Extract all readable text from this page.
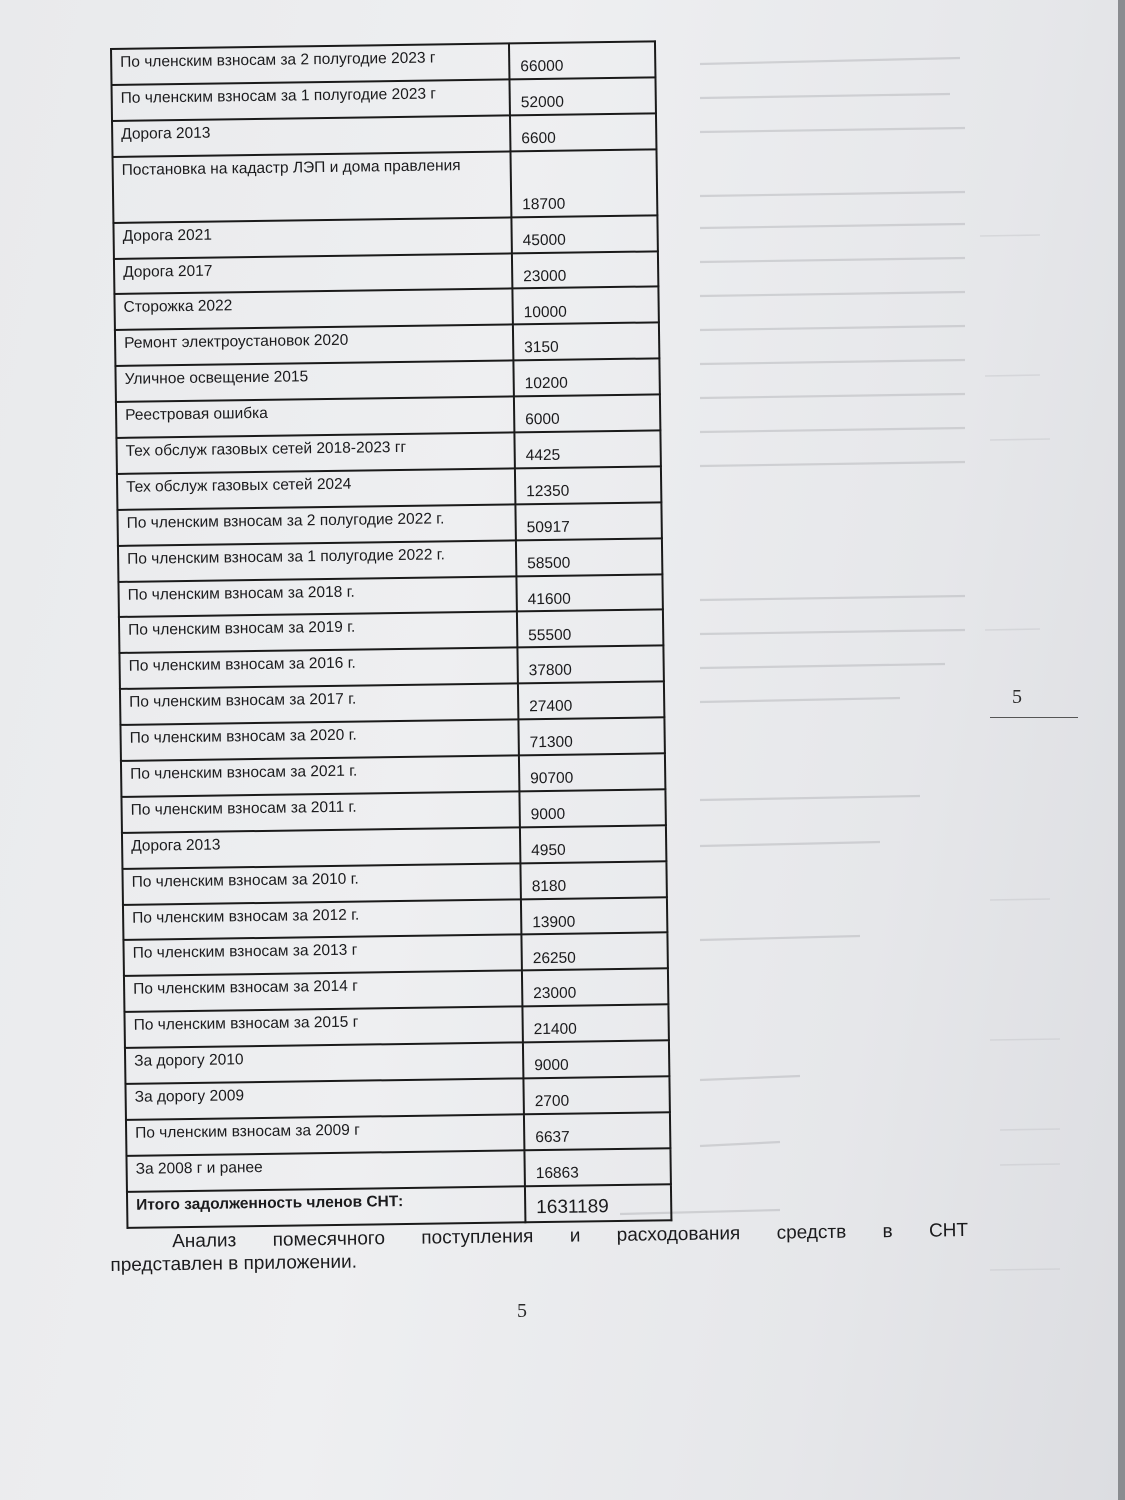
По членским взносам за 2 полугодие 2023 г	66000
По членским взносам за 1 полугодие 2023 г	52000
Дорога 2013	6600
Постановка на кадастр ЛЭП и дома правления	18700
Дорога 2021	45000
Дорога 2017	23000
Сторожка 2022	10000
Ремонт электроустановок 2020	3150
Уличное освещение 2015	10200
Реестровая ошибка	6000
Тех обслуж газовых сетей 2018-2023 гг	4425
Тех обслуж газовых сетей 2024	12350
По членским взносам за 2 полугодие 2022 г.	50917
По членским взносам за 1 полугодие 2022 г.	58500
По членским взносам за 2018 г.	41600
По членским взносам за 2019 г.	55500
По членским взносам за 2016 г.	37800
По членским взносам за 2017 г.	27400
По членским взносам за 2020 г.	71300
По членским взносам за 2021 г.	90700
По членским взносам за 2011 г.	9000
Дорога 2013	4950
По членским взносам за 2010 г.	8180
По членским взносам за 2012 г.	13900
По членским взносам за 2013 г	26250
По членским взносам за 2014 г	23000
По членским взносам за 2015 г	21400
За дорогу 2010	9000
За дорогу 2009	2700
По членским взносам за 2009 г	6637
За 2008 г и ранее	16863
Итого задолженность членов СНТ:	1631189
Анализ помесячного поступления и расходования средств в СНТ
представлен в приложении.
5
5
